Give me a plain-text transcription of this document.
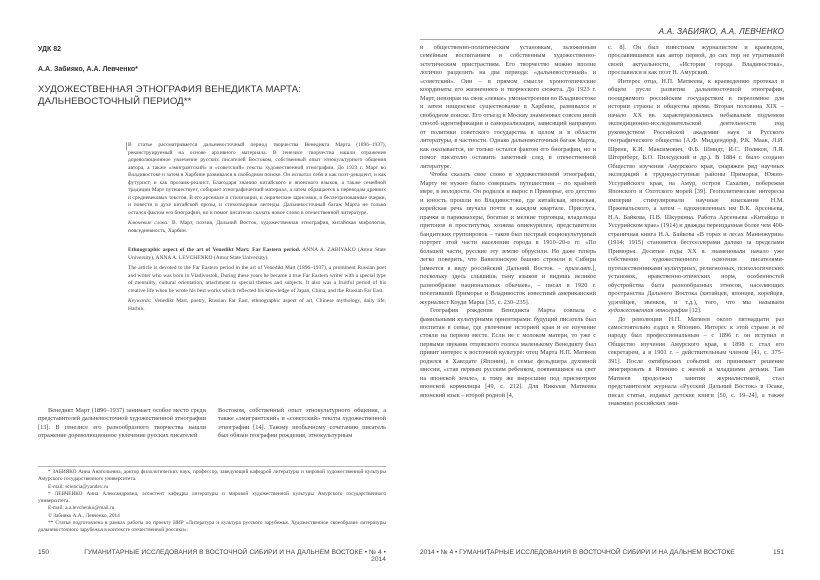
УДК 82
А.А. Забияко, А.А. Левченко*
ХУДОЖЕСТВЕННАЯ ЭТНОГРАФИЯ ВЕНЕДИКТА МАРТА: ДАЛЬНЕВОСТОЧНЫЙ ПЕРИОД**

В статье рассматривается дальневосточный период творчества Венедикта Марта (1896–1937), реконструируемый на основе архивного материала. В генезисе творчества нашли отражение дореволюционное увлечение русских писателей Востоком, собственный опыт этнокультурного общения автора, а также «эмигрантский» и «советский» тексты художественной этнографии. До 1923 г. Март во Владивостоке и затем в Харбине развивался в свободном поиске. Он испытал себя и как поэт-декадент, и как футурист, и как прозаик-реалист. Благодаря знанию китайского и японского языков, а также семейной традиции Март путешествует, собирает этнографический материал, а затем обращается к переводам древних и средневековых текстов. В его арсенале и стилизации, и лирические зарисовки, и беллетризованные очерки, и повести в духе китайской прозы, и стихотворные легенды. Дальневосточный багаж Марта не только остался фактом его биографии, но и помог писателю сказать новое слово в отечественной литературе.

Ключевые слова: В. Март, поэзия, Дальний Восток, художественная этнография, китайская мифология, повседневность, Харбин.

Ethnographic aspect of the art of Venedikt Mart: Far Eastern period. ANNA A. ZABIYAKO (Amur State University), ANNA A. LEVCHENKO (Amur State University).

The article is devoted to the Far Eastern period in the art of Venedikt Mart (1896–1937), a prominent Russian poet and writer who was born in Vladivostok. During these years he became a true Far Eastern writer with a special type of mentality, cultural orientation, attachment to special themes and subjects. It also was a fruitful period of his creative life when he wrote his best works which reflected his knowledge of Japan, China, and the Russian Far East.

Keywords: Venedikt Mart, poetry, Russian Far East, ethnographic aspect of art, Chinese mythology, daily life, Harbin.

Венедикт Март (1896–1937) занимает особое место среди представителей дальневосточной художественной этнографии [13]. В генезисе его разнообразного творчества нашли отражение дореволюционное увлечение русских писателей

Востоком, собственный опыт этнокультурного общения, а также «эмигрантский» и «советский» тексты художественной этнографии [14]. Такому необычному сочетанию писатель был обязан географии рождения, этнокультурным

* ЗАБИЯКО Анна Анатольевна, доктор филологических наук, профессор, заведующий кафедрой литературы и мировой художественной культуры Амурского государственного университета.

E-mail: sciencia@yandex.ru

* ЛЕВЧЕНКО Анна Александровна, ассистент кафедры литературы и мировой художественной культуры Амурского государственного университета.

E-mail: a.a.levchenko@mail.ru

© Забияко А.А., Левченко, 2014

** Статья подготовлена в рамках работы по проекту НИР «Литература и культура русского зарубежья. Художественное своеобразие литературы дальневосточного зарубежья в контексте отечественной россики».

150	ГУМАНИТАРНЫЕ ИССЛЕДОВАНИЯ В ВОСТОЧНОЙ СИБИРИ И НА ДАЛЬНЕМ ВОСТОКЕ • № 4 • 2014
А.А. ЗАБИЯКО, А.А. ЛЕВЧЕНКО

и общественно-политическим установкам, заложенным семейным воспитанием и собственным художественно-эстетическим пристрастиям. Его творчество можно вполне логично разделить на два периода: «дальневосточный» и «советский». Они – в прямом смысле хронотопические координаты его жизненного и творческого сюжета. До 1923 г. Март, невзирая на свои «левые» умонастроения во Владивостоке и затем нищенское существование в Харбине, развивался в свободном поиске. Его отъезд в Москву знаменовал совсем иной способ идентификации и самореализации, зависящий напрямую от политики советского государства в целом и в области литературы, в частности. Однако дальневосточный багаж Марта, как оказывается, не только остался фактом его биографии, но и помог писателю оставить заметный след в отечественной литературе.

Чтобы сказать свое слово в художественной этнографии, Марту не нужно было совершать путешествия – по крайней мере, в молодости. Он родился и вырос в Приморье, его детство и юность прошли во Владивостоке, где китайская, японская, корейская речь звучала почти в каждом квартале. Прислуга, прачки и парикмахеры, богатые и мелкие торговцы, владельцы притонов и проститутки, хозяева опиекурилен, представители бандитских группировок – таков был пестрый социокультурный портрет этой части населения города в 1910–20-е гг. «По большей части, русские эту землю обрусили. Но даже теперь легко поверить, что Вавилонскую башню строили в Сибири [имеется в виду российский Дальний Восток. – прим.авт.], поскольку здесь слышишь тьму языков и видишь великое разнообразие национальных обычаев», – писал в 1920 г. посетивший Приморье и Владивосток известный американский журналист Коуди Марш [35, с. 230–235].

География рождения Венедикта Марта совпала с фамильными культурными ориентирами: будущий писатель был воспитан в семье, где увлечение историей края и ее изучение стояли на первом месте. Если не с молоком матери, то уже с первыми звуками отцовского голоса маленькому Венедикту был привит интерес к восточной культуре: отец Марта Н.П. Матвеев родился в Хакодате (Япония), в семье фельдшера духовной миссии, «став первым русским ребенком, появившимся на свет на японской земле», к тому же выросшим под присмотром японской кормилицы [49, с. 212]. Для Николая Матвеева японский язык – второй родной [4,

с. 8]. Он был известным журналистом и краеведом, прославившимся как автор первой, до сих пор не утратившей своей актуальности, «Истории города Владивостока», прославился и как поэт Н. Амурский.

Интерес отца, Н.П. Матвеева, к краеведению протекал в общем русле развития дальневосточной этнографии, поощряемого российским государством в переломное для истории страны и общества время. Вторая половина XIX – начало XX вв. характеризовались небывалым подъемом экспедиционно-исследовательской деятельности под руководством Российской академии наук и Русского географического общества (А.Ф. Миддендорф, Р.К. Маак, Л.И. Шренк, К.И. Максимович, Ф.Б. Шмидт, И.С. Поляков, Л.Я. Штернберг, Б.О. Пилсудский и др.). В 1884 г. было создано Общество изучения Амурского края, снаряжен ряд научных экспедиций в труднодоступные районы Приморья, Южно-Уссурийского края, на Амур, остров Сахалин, побережья Японского и Охотского морей [39]. Геополитические интересы империи стимулировали научные изыскания Н.М. Пржевальского, а затем – вдохновленных им В.К. Арсеньева, Н.А. Байкова, П.В. Шкуркина. Работа Арсеньева «Китайцы в Уссурийском крае» (1914) и дважды переизданная более чем 400-страничная книга Н.А. Байкова «В горах и лесах Маньчжурии» (1914; 1915) становятся бестселлерами далеко за пределами Приморья. Десятые годы XX в. знаменовали начало уже собственно художественного освоения писателями-путешественниками культурных, религиозных, психологических установок, нравственно-этических норм, особенностей обустройства быта разнообразных этносов, населяющих пространства Дальнего Востока (китайцев, японцев, корейцев, удэгейцев, эвенков, и т.д.), того, что мы называем художественная этнография [12].

До революции Н.П. Матвеев около пятнадцати раз самостоятельно ездил в Японию. Интерес к этой стране и её народу был профессиональным – с 1896 г. он вступил в Общество изучения Амурского края, в 1898 г. стал его секретарем, а в 1901 г. – действительным членом [41, с. 375–391]. После октябрьских событий он принимает решение эмигрировать в Японию с женой и младшими детьми. Там Матвеев продолжил занятия журналистикой, стал представителем журнала «Русский Дальний Восток» в Осаке, писал статьи, издавал детские книги [50, с. 19–24], а также знакомил российских эми-

2014 • № 4 • ГУМАНИТАРНЫЕ ИССЛЕДОВАНИЯ В ВОСТОЧНОЙ СИБИРИ И НА ДАЛЬНЕМ ВОСТОКЕ	151
